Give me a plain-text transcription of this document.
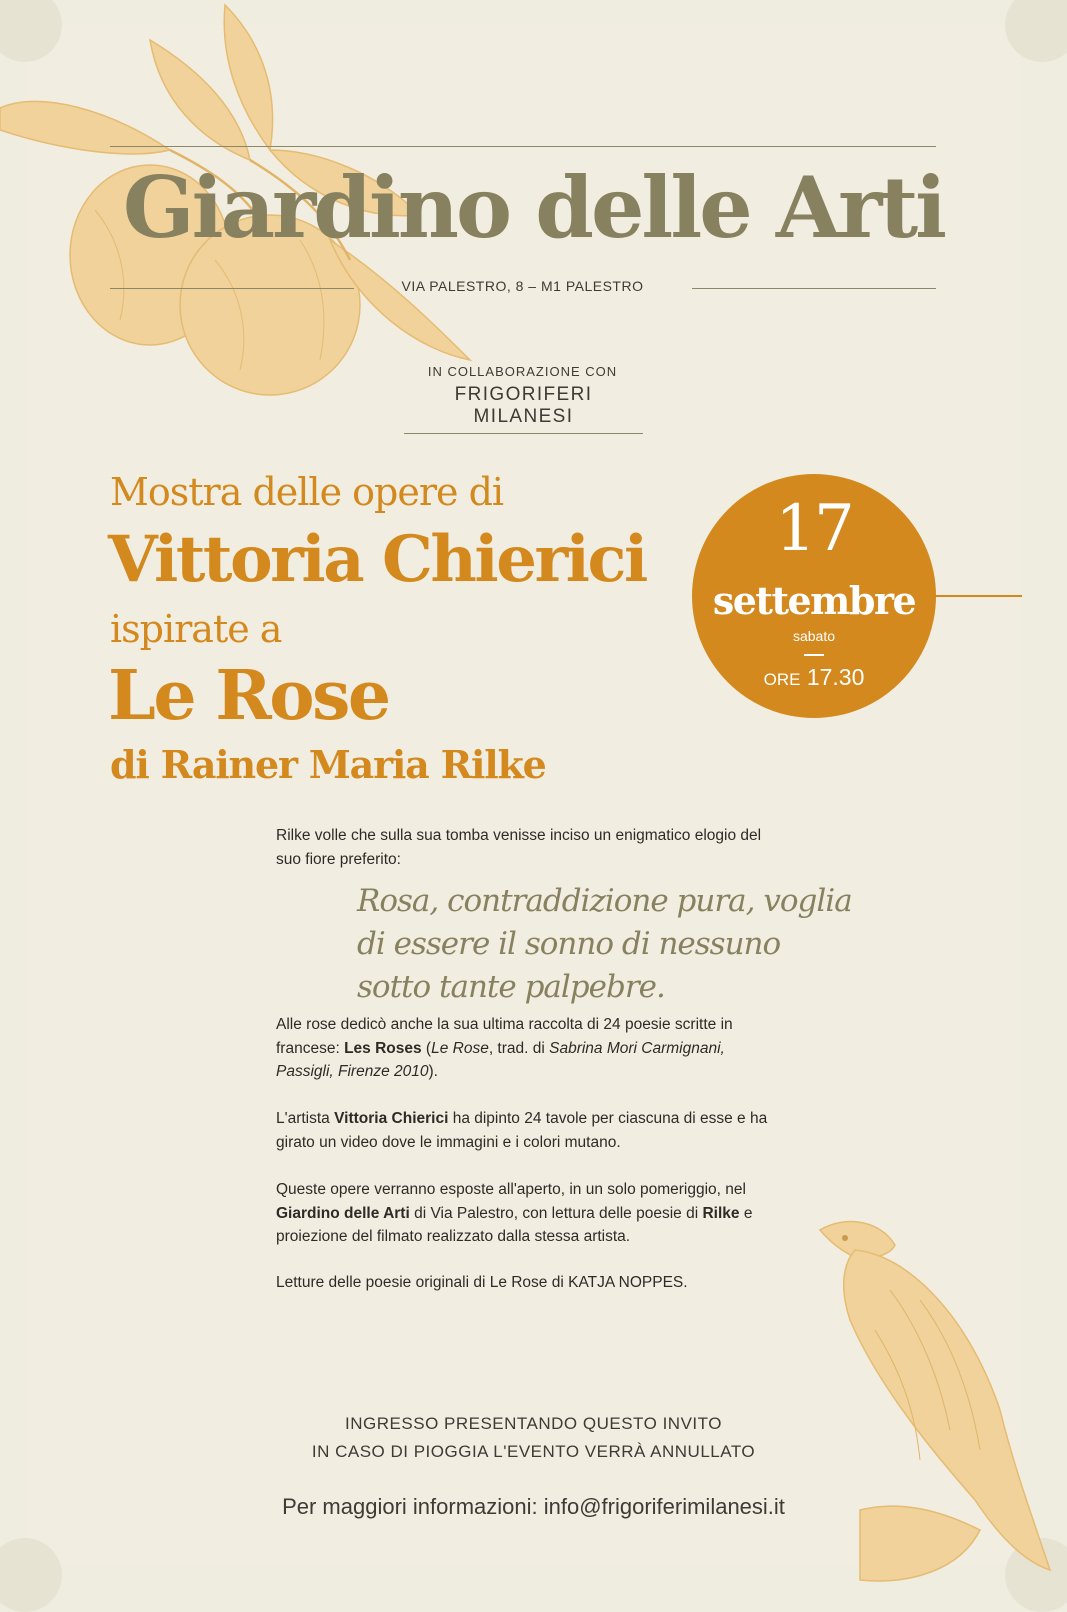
Giardino delle Arti
VIA PALESTRO, 8 – M1 PALESTRO
IN COLLABORAZIONE CON
FRIGORIFERI MILANESI
Mostra delle opere di
Vittoria Chierici
ispirate a
Le Rose
di Rainer Maria Rilke
17
settembre
sabato
ORE 17.30
Rilke volle che sulla sua tomba venisse inciso un enigmatico elogio del suo fiore preferito:
Rosa, contraddizione pura, voglia
di essere il sonno di nessuno
sotto tante palpebre.
Alle rose dedicò anche la sua ultima raccolta di 24 poesie scritte in francese: Les Roses (Le Rose, trad. di Sabrina Mori Carmignani, Passigli, Firenze 2010).
L'artista Vittoria Chierici ha dipinto 24 tavole per ciascuna di esse e ha girato un video dove le immagini e i colori mutano.
Queste opere verranno esposte all'aperto, in un solo pomeriggio, nel Giardino delle Arti di Via Palestro, con lettura delle poesie di Rilke e proiezione del filmato realizzato dalla stessa artista.
Letture delle poesie originali di Le Rose di KATJA NOPPES.
INGRESSO PRESENTANDO QUESTO INVITO
IN CASO DI PIOGGIA L'EVENTO VERRÀ ANNULLATO
Per maggiori informazioni: info@frigoriferimilanesi.it
